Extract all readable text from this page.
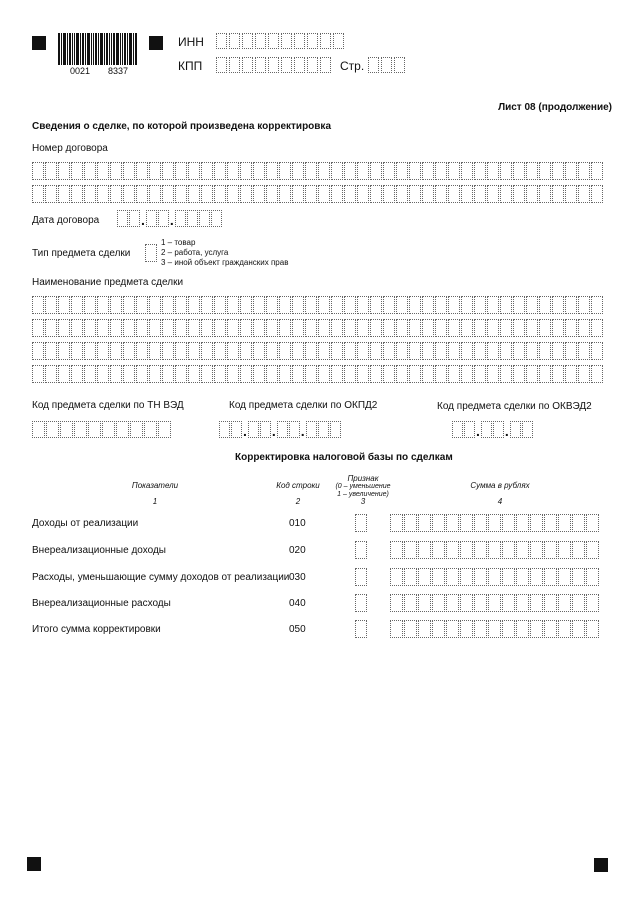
0021 8337
ИНН
КПП	Стр.
Лист 08 (продолжение)
Сведения о сделке, по которой произведена корректировка
Номер договора
Дата договора	. .
Тип предмета сделки
1 – товар
2 – работа, услуга
3 – иной объект гражданских прав
Наименование предмета сделки
Код предмета сделки по ТН ВЭД	Код предмета сделки по ОКПД2
. . .
Код предмета сделки по ОКВЭД2
. .
Корректировка налоговой базы по сделкам
Показатели	Код строки
Признак
(0 – уменьшение
1 – увеличение)
Сумма в рублях
1	2	3	4
Доходы от реализации	010
Внереализационные доходы	020
Расходы, уменьшающие сумму доходов от реализации 030
Внереализационные расходы	040
Итого сумма корректировки	050
